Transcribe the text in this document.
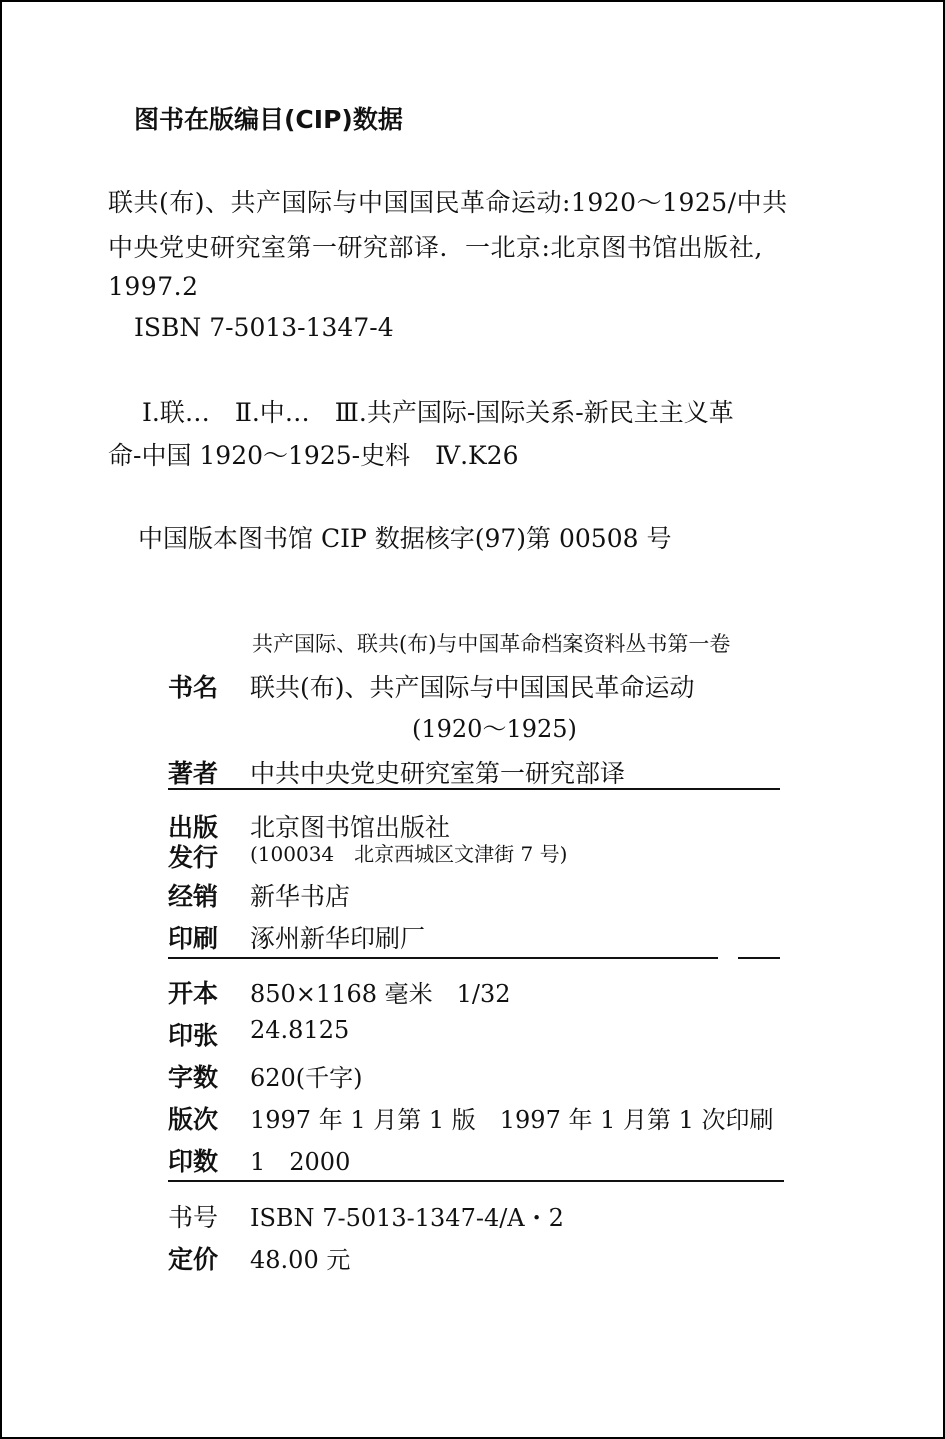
图书在版编目(CIP)数据
联共(布)、共产国际与中国国民革命运动:1920～1925/中共
中央党史研究室第一研究部译．一北京:北京图书馆出版社,
1997.2
ISBN 7-5013-1347-4
Ⅰ.联…　Ⅱ.中…　Ⅲ.共产国际-国际关系-新民主主义革
命-中国 1920～1925-史料　Ⅳ.K26
中国版本图书馆 CIP 数据核字(97)第 00508 号
共产国际、联共(布)与中国革命档案资料丛书第一卷
书名 联共(布)、共产国际与中国国民革命运动
(1920～1925)
著者 中共中央党史研究室第一研究部译
出版
发行
北京图书馆出版社
(100034　北京西城区文津街 7 号)
经销 新华书店
印刷 涿州新华印刷厂
开本 850×1168 毫米　1/32
印张 24.8125
字数 620(千字)
版次 1997 年 1 月第 1 版　1997 年 1 月第 1 次印刷
印数 1　2000
书号 ISBN 7-5013-1347-4/A・2
定价 48.00 元
